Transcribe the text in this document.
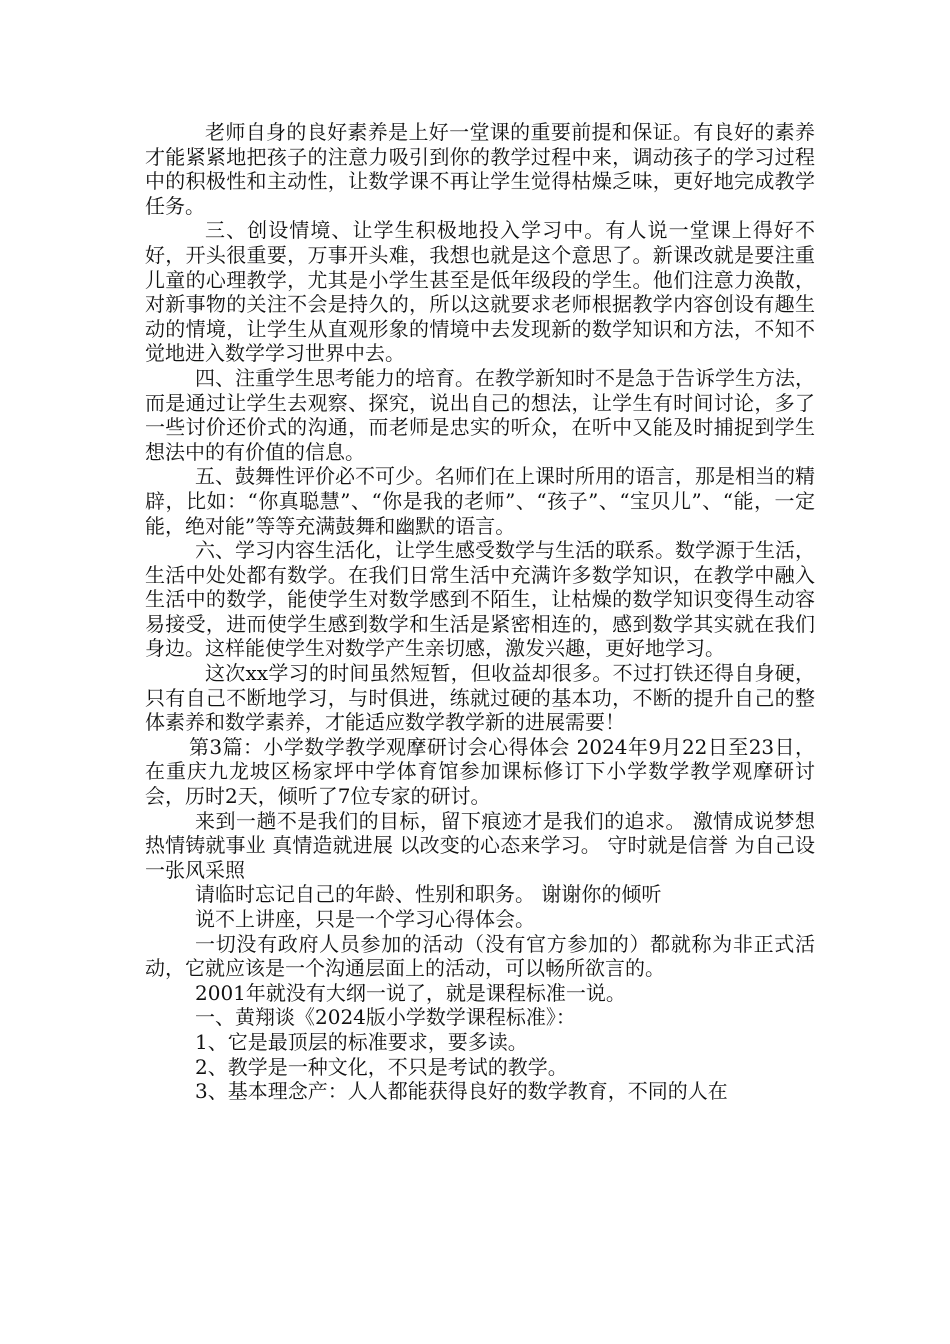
老师自身的良好素养是上好一堂课的重要前提和保证。有良好的素养才能紧紧地把孩子的注意力吸引到你的教学过程中来，调动孩子的学习过程中的积极性和主动性，让数学课不再让学生觉得枯燥乏味，更好地完成教学任务。

三、创设情境、让学生积极地投入学习中。有人说一堂课上得好不好，开头很重要，万事开头难，我想也就是这个意思了。新课改就是要注重儿童的心理教学，尤其是小学生甚至是低年级段的学生。他们注意力涣散，对新事物的关注不会是持久的，所以这就要求老师根据教学内容创设有趣生动的情境，让学生从直观形象的情境中去发现新的数学知识和方法，不知不觉地进入数学学习世界中去。

四、注重学生思考能力的培育。在教学新知时不是急于告诉学生方法，而是通过让学生去观察、探究，说出自己的想法，让学生有时间讨论，多了一些讨价还价式的沟通，而老师是忠实的听众，在听中又能及时捕捉到学生想法中的有价值的信息。

五、鼓舞性评价必不可少。名师们在上课时所用的语言，那是相当的精辟，比如：“你真聪慧”、“你是我的老师”、“孩子”、“宝贝儿”、“能，一定能，绝对能”等等充满鼓舞和幽默的语言。

六、学习内容生活化，让学生感受数学与生活的联系。数学源于生活，生活中处处都有数学。在我们日常生活中充满许多数学知识，在教学中融入生活中的数学，能使学生对数学感到不陌生，让枯燥的数学知识变得生动容易接受，进而使学生感到数学和生活是紧密相连的，感到数学其实就在我们身边。这样能使学生对数学产生亲切感，激发兴趣，更好地学习。

这次xx学习的时间虽然短暂，但收益却很多。不过打铁还得自身硬，只有自己不断地学习，与时俱进，练就过硬的基本功，不断的提升自己的整体素养和数学素养，才能适应数学教学新的进展需要！

第3篇：小学数学教学观摩研讨会心得体会 2024年9月22日至23日，在重庆九龙坡区杨家坪中学体育馆参加课标修订下小学数学教学观摩研讨会，历时2天，倾听了7位专家的研讨。

来到一趟不是我们的目标，留下痕迹才是我们的追求。 激情成说梦想 热情铸就事业 真情造就进展 以改变的心态来学习。 守时就是信誉 为自己设一张风采照

请临时忘记自己的年龄、性别和职务。 谢谢你的倾听

说不上讲座，只是一个学习心得体会。

一切没有政府人员参加的活动（没有官方参加的）都就称为非正式活动，它就应该是一个沟通层面上的活动，可以畅所欲言的。

2001年就没有大纲一说了，就是课程标准一说。

一、黄翔谈《2024版小学数学课程标准》：

1、它是最顶层的标准要求，要多读。

2、教学是一种文化，不只是考试的教学。

3、基本理念产：人人都能获得良好的数学教育，不同的人在
